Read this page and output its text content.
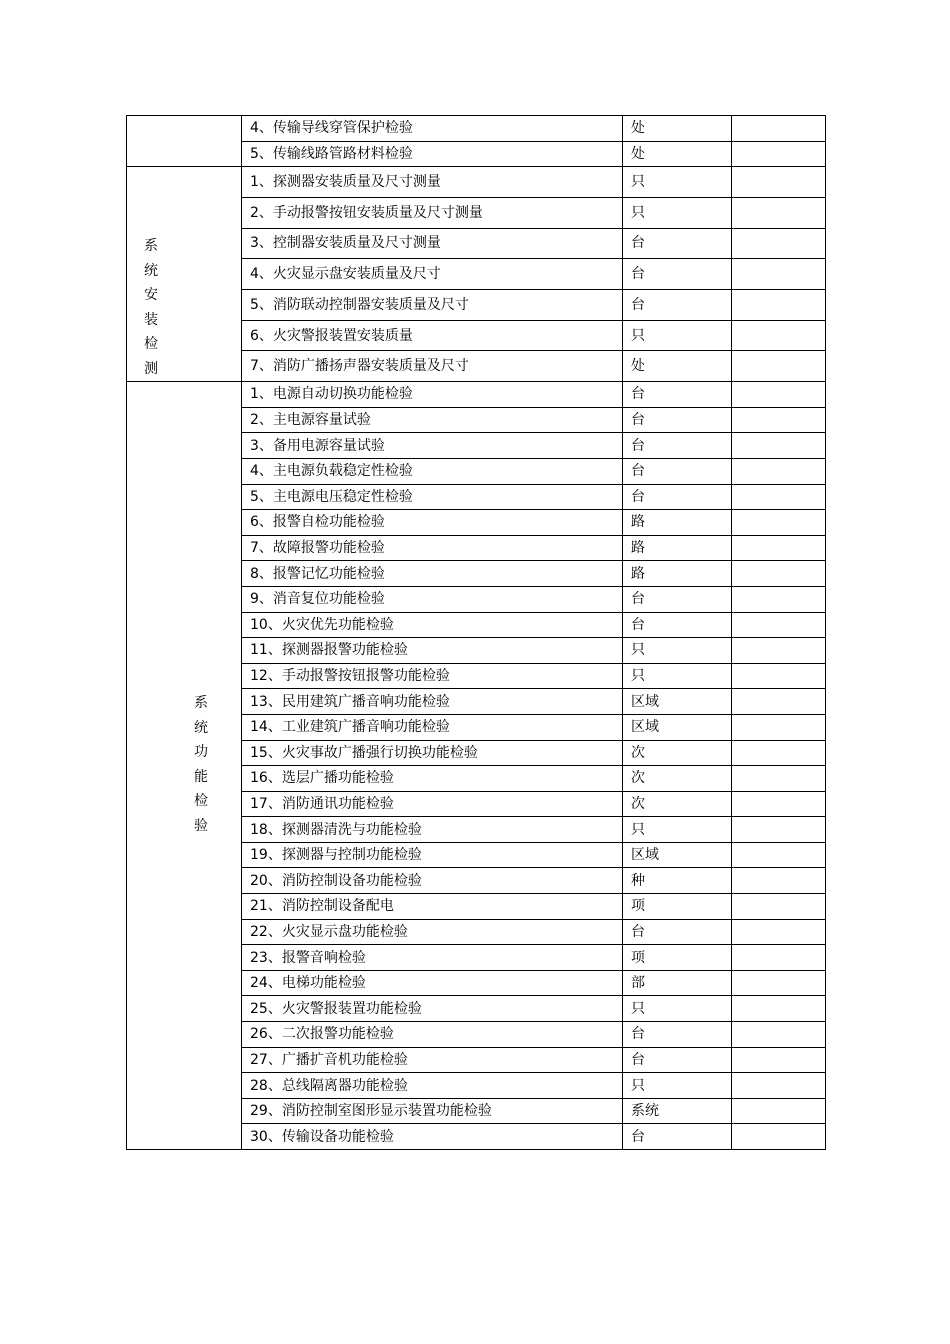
	4、传输导线穿管保护检验	处	
	5、传输线路管路材料检验	处	
系统安装检测	1、探测器安装质量及尺寸测量	只	
	2、手动报警按钮安装质量及尺寸测量	只	
	3、控制器安装质量及尺寸测量	台	
	4、火灾显示盘安装质量及尺寸	台	
	5、消防联动控制器安装质量及尺寸	台	
	6、火灾警报装置安装质量	只	
	7、消防广播扬声器安装质量及尺寸	处	
系统功能检验	1、电源自动切换功能检验	台	
	2、主电源容量试验	台	
	3、备用电源容量试验	台	
	4、主电源负载稳定性检验	台	
	5、主电源电压稳定性检验	台	
	6、报警自检功能检验	路	
	7、故障报警功能检验	路	
	8、报警记忆功能检验	路	
	9、消音复位功能检验	台	
	10、火灾优先功能检验	台	
	11、探测器报警功能检验	只	
	12、手动报警按钮报警功能检验	只	
	13、民用建筑广播音响功能检验	区域	
	14、工业建筑广播音响功能检验	区域	
	15、火灾事故广播强行切换功能检验	次	
	16、选层广播功能检验	次	
	17、消防通讯功能检验	次	
	18、探测器清洗与功能检验	只	
	19、探测器与控制功能检验	区域	
	20、消防控制设备功能检验	种	
	21、消防控制设备配电	项	
	22、火灾显示盘功能检验	台	
	23、报警音响检验	项	
	24、电梯功能检验	部	
	25、火灾警报装置功能检验	只	
	26、二次报警功能检验	台	
	27、广播扩音机功能检验	台	
	28、总线隔离器功能检验	只	
	29、消防控制室图形显示装置功能检验	系统	
	30、传输设备功能检验	台	
